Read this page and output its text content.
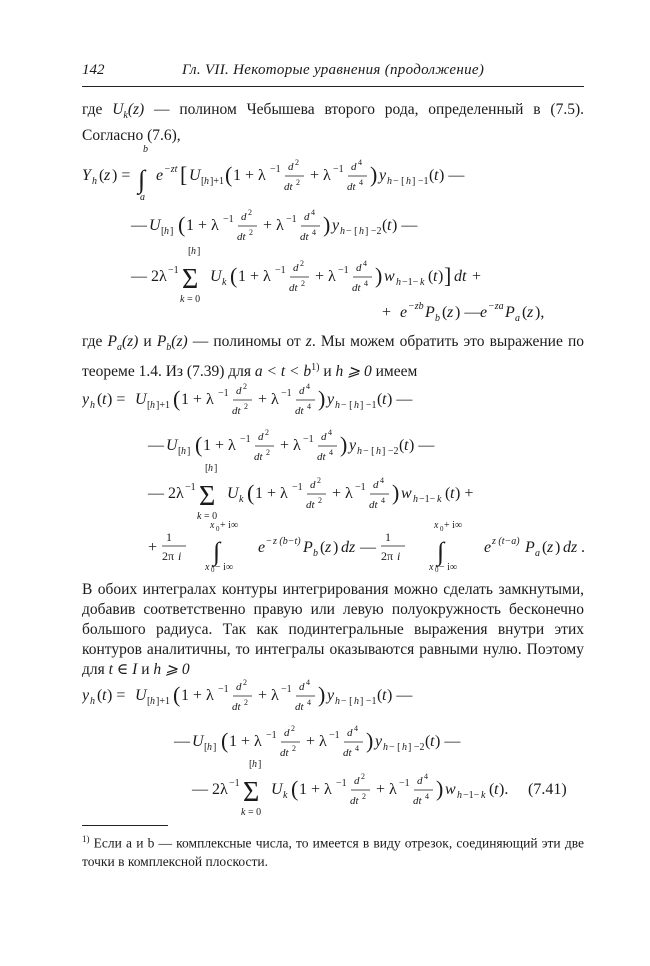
142	Гл. VII. Некоторые уравнения (продолжение)
где $U_k(z)$ — полином Чебышева второго рода, определенный в (7.5). Согласно (7.6),
Y h ( z ) =
b
∫
a
e −zt [ U [ h ]+1 ( 1 + λ −1 d 2
dt 2 + λ −1 d 4
dt 4 ) y h − [ h ] −1 ( t ) —
— U [ h ] ( 1 + λ −1 d 2
dt 2 + λ −1 d 4
dt 4 ) y h − [ h ] −2 ( t ) —
— 2λ −1
[ h ]
Σ
k = 0
U k ( 1 + λ −1 d 2
dt 2 + λ −1 d 4
dt 4 ) w h −1− k ( t ) ] dt +
+ e −zb P b ( z ) — e −za P a ( z ),
где $P_a(z)$ и $P_b(z)$ — полиномы от z. Мы можем обратить это выражение по теореме 1.4. Из (7.39) для $a < t < b^{1)}$ и h ⩾ 0 имеем
y h ( t ) = U [ h ]+1 ( 1 + λ −1 d 2
dt 2 + λ −1 d 4
dt 4 ) y h − [ h ] −1 ( t ) —
— U [ h ] ( 1 + λ −1 d 2
dt 2 + λ −1 d 4
dt 4 ) y h − [ h ] −2 ( t ) —
— 2λ −1
[ h ]
Σ
k = 0
U k ( 1 + λ −1 d 2
dt 2 + λ −1 d 4
dt 4 ) w h −1− k ( t ) +
+
1
2π i
x 0 + i∞
∫
x 0 − i∞
e − z (b−t) P b ( z ) dz —
1
2π i
x 0 + i∞
∫
x 0 − i∞
e z (t−a) P a ( z ) dz .
В обоих интегралах контуры интегрирования можно сделать замкнутыми, добавив соответственно правую или левую полуокружность бесконечно большого радиуса. Так как подинтегральные выражения внутри этих контуров аналитичны, то интегралы оказываются равными нулю. Поэтому для t ∈ I и h ⩾ 0
y h ( t ) = U [ h ]+1 ( 1 + λ −1 d 2
dt 2 + λ −1 d 4
dt 4 ) y h − [ h ] −1 ( t ) —
— U [ h ] ( 1 + λ −1 d 2
dt 2 + λ −1 d 4
dt 4 ) y h − [ h ] −2 ( t ) —
— 2λ −1
[ h ]
Σ
k = 0
U k ( 1 + λ −1 d 2
dt 2 + λ −1 d 4
dt 4 ) w h −1− k ( t ). (7.41)
$^{1)}$ Если a и b — комплексные числа, то имеется в виду отрезок, соединяющий эти две точки в комплексной плоскости.
